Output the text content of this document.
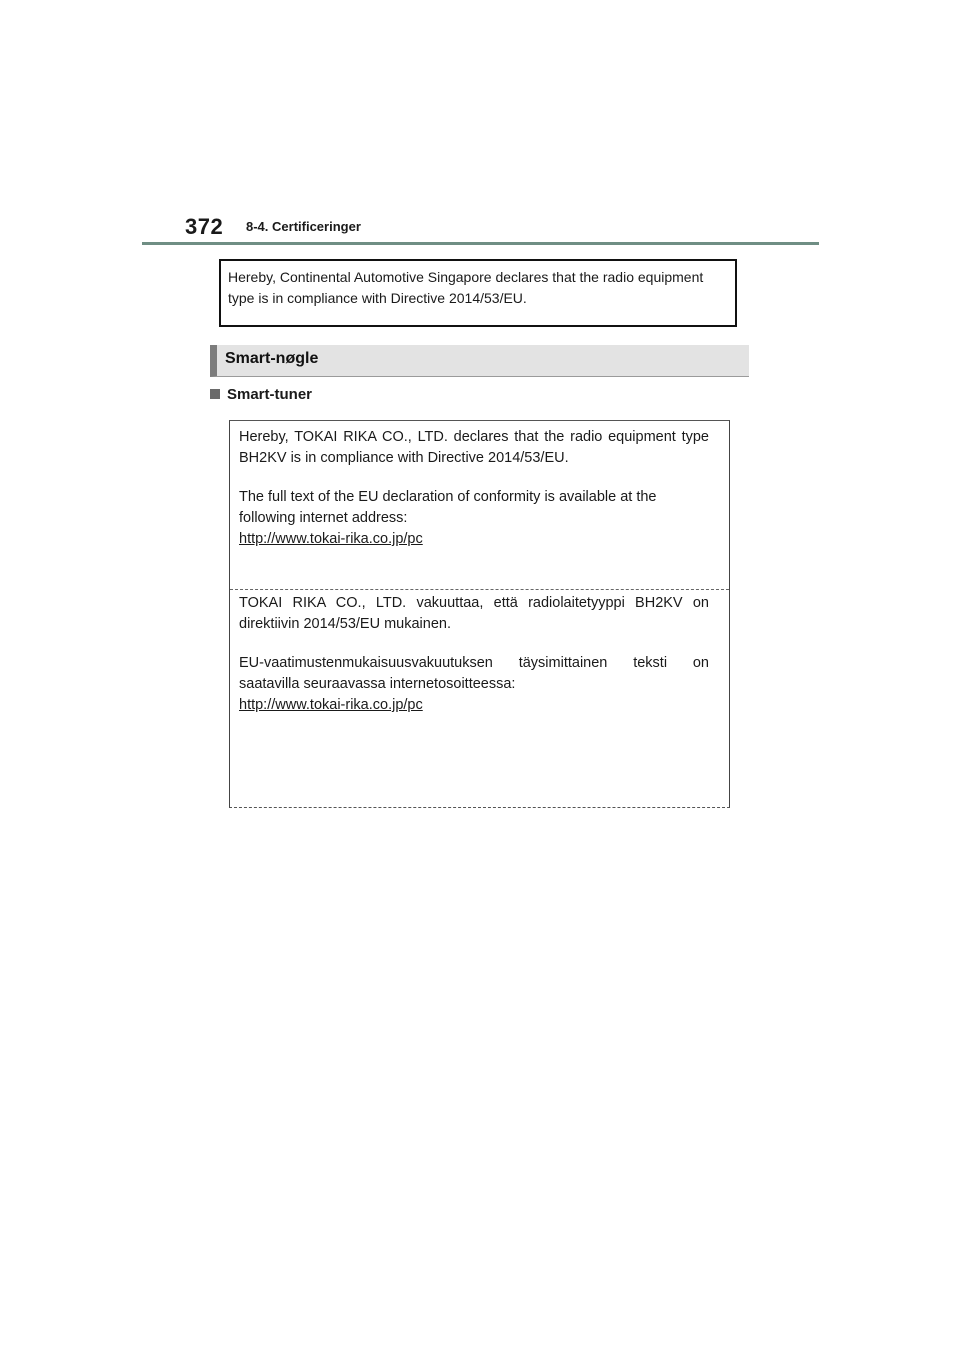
372 8-4. Certificeringer

Hereby, Continental Automotive Singapore declares that the radio equipment

type is in compliance with Directive 2014/53/EU.

Smart-nøgle
Smart-tuner

Hereby, TOKAI RIKA CO., LTD. declares that the radio equipment type

BH2KV is in compliance with Directive 2014/53/EU.

The full text of the EU declaration of conformity is available at the

following internet address:

http://www.tokai-rika.co.jp/pc

TOKAI RIKA CO., LTD. vakuuttaa, että radiolaitetyyppi BH2KV on

direktiivin 2014/53/EU mukainen.

EU-vaatimustenmukaisuusvakuutuksen täysimittainen teksti on

saatavilla seuraavassa internetosoitteessa:

http://www.tokai-rika.co.jp/pc
